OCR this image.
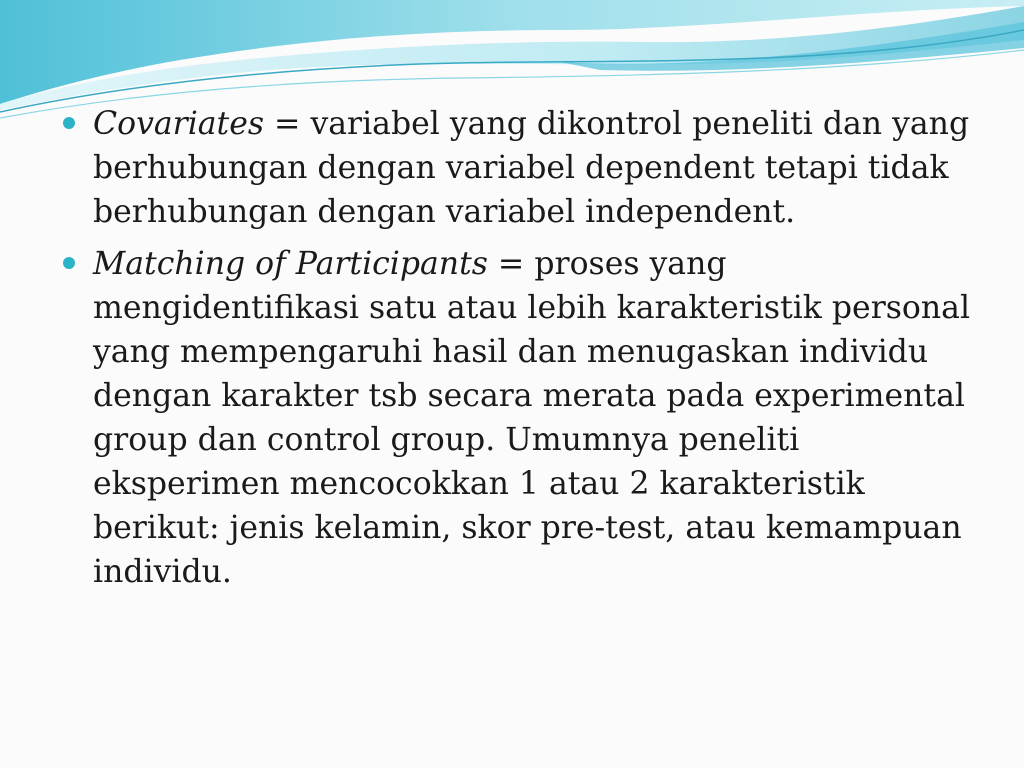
Covariates = variabel yang dikontrol peneliti dan yang berhubungan dengan variabel dependent tetapi tidak berhubungan dengan variabel independent.
Matching of Participants = proses yang mengidentifikasi satu atau lebih karakteristik personal yang mempengaruhi hasil dan menugaskan individu dengan karakter tsb secara merata pada experimental group dan control group. Umumnya peneliti eksperimen mencocokkan 1 atau 2 karakteristik berikut: jenis kelamin, skor pre-test, atau kemampuan individu.
